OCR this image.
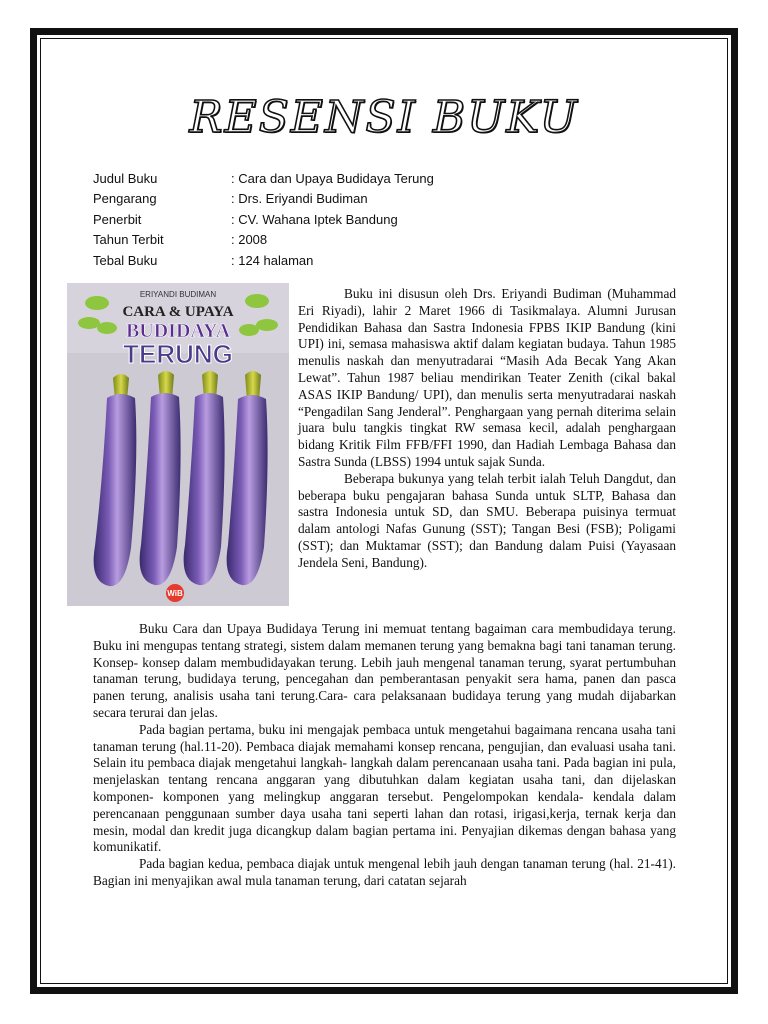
RESENSI BUKU
Judul Buku	: Cara dan Upaya Budidaya Terung
Pengarang	: Drs. Eriyandi Budiman
Penerbit	: CV. Wahana Iptek Bandung
Tahun Terbit	: 2008
Tebal Buku	: 124 halaman
ERIYANDI BUDIMAN
CARA & UPAYA
BUDIDAYA
TERUNG
WiB

Buku ini disusun oleh Drs. Eriyandi Budiman (Muhammad Eri Riyadi), lahir 2 Maret 1966 di Tasikmalaya. Alumni Jurusan Pendidikan Bahasa dan Sastra Indonesia FPBS IKIP Bandung (kini UPI) ini, semasa mahasiswa aktif dalam kegiatan budaya. Tahun 1985 menulis naskah dan menyutradarai “Masih Ada Becak Yang Akan Lewat”. Tahun 1987 beliau mendirikan Teater Zenith (cikal bakal ASAS IKIP Bandung/ UPI), dan menulis serta menyutradarai naskah “Pengadilan Sang Jenderal”. Penghargaan yang pernah diterima selain juara bulu tangkis tingkat RW semasa kecil, adalah penghargaan bidang Kritik Film FFB/FFI 1990, dan Hadiah Lembaga Bahasa dan Sastra Sunda (LBSS) 1994 untuk sajak Sunda.

Beberapa bukunya yang telah terbit ialah Teluh Dangdut, dan beberapa buku pengajaran bahasa Sunda untuk SLTP, Bahasa dan sastra Indonesia untuk SD, dan SMU. Beberapa puisinya termuat dalam antologi Nafas Gunung (SST); Tangan Besi (FSB); Poligami (SST); dan Muktamar (SST); dan Bandung dalam Puisi (Yayasaan Jendela Seni, Bandung).

Buku Cara dan Upaya Budidaya Terung ini memuat tentang bagaiman cara membudidaya terung. Buku ini mengupas tentang strategi, sistem dalam memanen terung yang bemakna bagi tani tanaman terung. Konsep- konsep dalam membudidayakan terung. Lebih jauh mengenal tanaman terung, syarat pertumbuhan tanaman terung, budidaya terung, pencegahan dan pemberantasan penyakit sera hama, panen dan pasca panen terung, analisis usaha tani terung.Cara- cara pelaksanaan budidaya terung yang mudah dijabarkan secara terurai dan jelas.

Pada bagian pertama, buku ini mengajak pembaca untuk mengetahui bagaimana rencana usaha tani tanaman terung (hal.11-20). Pembaca diajak memahami konsep rencana, pengujian, dan evaluasi usaha tani. Selain itu pembaca diajak mengetahui langkah- langkah dalam perencanaan usaha tani. Pada bagian ini pula, menjelaskan tentang rencana anggaran yang dibutuhkan dalam kegiatan usaha tani, dan dijelaskan komponen- komponen yang melingkup anggaran tersebut. Pengelompokan kendala- kendala dalam perencanaan penggunaan sumber daya usaha tani seperti lahan dan rotasi, irigasi,kerja, ternak kerja dan mesin, modal dan kredit juga dicangkup dalam bagian pertama ini. Penyajian dikemas dengan bahasa yang komunikatif.

Pada bagian kedua, pembaca diajak untuk mengenal lebih jauh dengan tanaman terung (hal. 21-41). Bagian ini menyajikan awal mula tanaman terung, dari catatan sejarah
